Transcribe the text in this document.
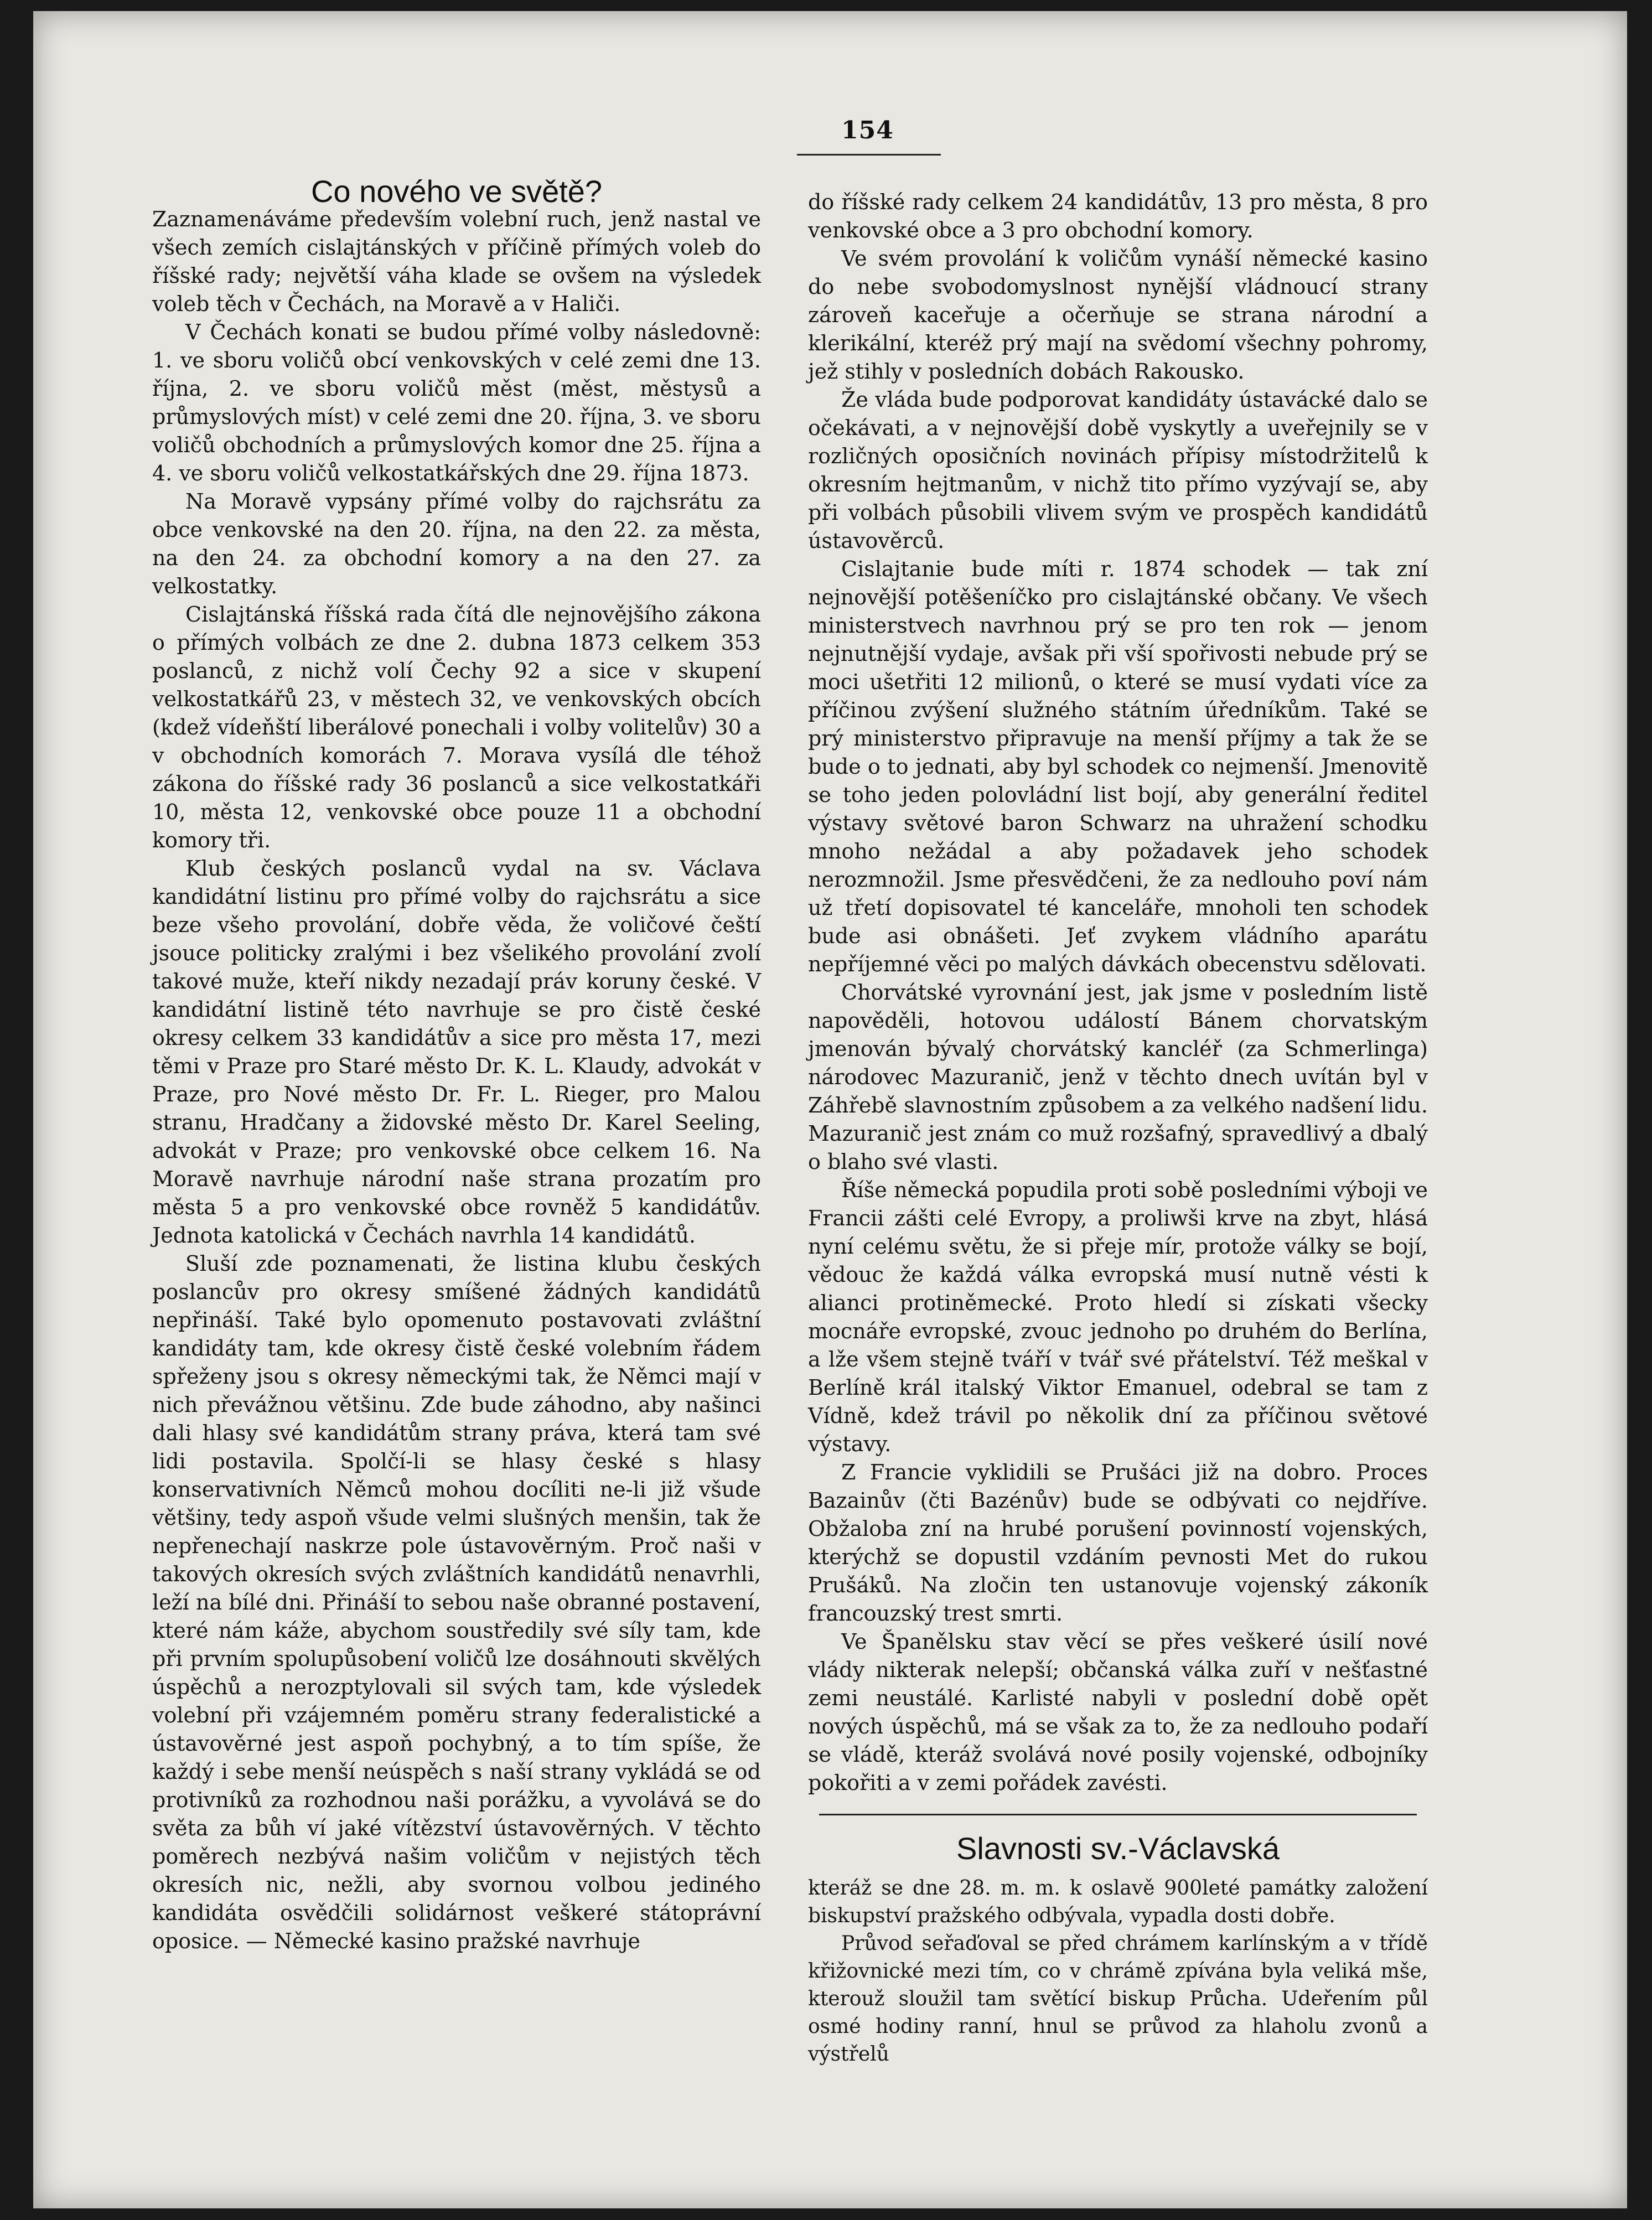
154

Co nového ve světě?

Zaznamenáváme především volební ruch, jenž nastal ve všech zemích cislajtánských v příčině přímých voleb do říšské rady; největší váha klade se ovšem na výsledek voleb těch v Čechách, na Moravě a v Haliči.

V Čechách konati se budou přímé volby následovně: 1. ve sboru voličů obcí venkovských v celé zemi dne 13. října, 2. ve sboru voličů měst (měst, městysů a průmyslových míst) v celé zemi dne 20. října, 3. ve sboru voličů obchodních a průmyslových komor dne 25. října a 4. ve sboru voličů velkostatkářských dne 29. října 1873.

Na Moravě vypsány přímé volby do rajchsrátu za obce venkovské na den 20. října, na den 22. za města, na den 24. za obchodní komory a na den 27. za velkostatky.

Cislajtánská říšská rada čítá dle nejnovějšího zákona o přímých volbách ze dne 2. dubna 1873 celkem 353 poslanců, z nichž volí Čechy 92 a sice v skupení velkostatkářů 23, v městech 32, ve venkovských obcích (kdež vídeňští liberálové ponechali i volby volitelův) 30 a v obchodních komorách 7. Morava vysílá dle téhož zákona do říšské rady 36 poslanců a sice velkostatkáři 10, města 12, venkovské obce pouze 11 a obchodní komory tři.

Klub českých poslanců vydal na sv. Václava kandidátní listinu pro přímé volby do rajchsrátu a sice beze všeho provolání, dobře věda, že voličové čeští jsouce politicky zralými i bez všelikého provolání zvolí takové muže, kteří nikdy nezadají práv koruny české. V kandidátní listině této navrhuje se pro čistě české okresy celkem 33 kandidátův a sice pro města 17, mezi těmi v Praze pro Staré město Dr. K. L. Klaudy, advokát v Praze, pro Nové město Dr. Fr. L. Rieger, pro Malou stranu, Hradčany a židovské město Dr. Karel Seeling, advokát v Praze; pro venkovské obce celkem 16. Na Moravě navrhuje národní naše strana prozatím pro města 5 a pro venkovské obce rovněž 5 kandidátův. Jednota katolická v Čechách navrhla 14 kandidátů.

Sluší zde poznamenati, že listina klubu českých poslancův pro okresy smíšené žádných kandidátů nepřináší. Také bylo opomenuto postavovati zvláštní kandidáty tam, kde okresy čistě české volebním řádem spřeženy jsou s okresy německými tak, že Němci mají v nich převážnou většinu. Zde bude záhodno, aby našinci dali hlasy své kandidátům strany práva, která tam své lidi postavila. Spolčí-li se hlasy české s hlasy konservativních Němců mohou docíliti ne-li již všude většiny, tedy aspoň všude velmi slušných menšin, tak že nepřenechají naskrze pole ústavověrným. Proč naši v takových okresích svých zvláštních kandidátů nenavrhli, leží na bílé dni. Přináší to sebou naše obranné postavení, které nám káže, abychom soustředily své síly tam, kde při prvním spolupůsobení voličů lze dosáhnouti skvělých úspěchů a nerozptylovali sil svých tam, kde výsledek volební při vzájemném poměru strany federalistické a ústavověrné jest aspoň pochybný, a to tím spíše, že každý i sebe menší neúspěch s naší strany vykládá se od protivníků za rozhodnou naši porážku, a vyvolává se do světa za bůh ví jaké vítězství ústavověrných. V těchto poměrech nezbývá našim voličům v nejistých těch okresích nic, nežli, aby svornou volbou jediného kandidáta osvědčili solidárnost veškeré státoprávní oposice. — Německé kasino pražské navrhuje

do říšské rady celkem 24 kandidátův, 13 pro města, 8 pro venkovské obce a 3 pro obchodní komory.

Ve svém provolání k voličům vynáší německé kasino do nebe svobodomyslnost nynější vládnoucí strany zároveň kaceřuje a očerňuje se strana národní a klerikální, kteréž prý mají na svědomí všechny pohromy, jež stihly v posledních dobách Rakousko.

Že vláda bude podporovat kandidáty ústavácké dalo se očekávati, a v nejnovější době vyskytly a uveřejnily se v rozličných oposičních novinách přípisy místodržitelů k okresním hejtmanům, v nichž tito přímo vyzývají se, aby při volbách působili vlivem svým ve prospěch kandidátů ústavověrců.

Cislajtanie bude míti r. 1874 schodek — tak zní nejnovější potěšeníčko pro cislajtánské občany. Ve všech ministerstvech navrhnou prý se pro ten rok — jenom nejnutnější vydaje, avšak při vší spořivosti nebude prý se moci ušetřiti 12 milionů, o které se musí vydati více za příčinou zvýšení služného státním úředníkům. Také se prý ministerstvo připravuje na menší příjmy a tak že se bude o to jednati, aby byl schodek co nejmenší. Jmenovitě se toho jeden polovládní list bojí, aby generální ředitel výstavy světové baron Schwarz na uhražení schodku mnoho nežádal a aby požadavek jeho schodek nerozmnožil. Jsme přesvědčeni, že za nedlouho poví nám už třetí dopisovatel té kanceláře, mnoholi ten schodek bude asi obnášeti. Jeť zvykem vládního aparátu nepříjemné věci po malých dávkách obecenstvu sdělovati.

Chorvátské vyrovnání jest, jak jsme v posledním listě napověděli, hotovou událostí Bánem chorvatským jmenován bývalý chorvátský kancléř (za Schmerlinga) národovec Mazuranič, jenž v těchto dnech uvítán byl v Záhřebě slavnostním způsobem a za velkého nadšení lidu. Mazuranič jest znám co muž rozšafný, spravedlivý a dbalý o blaho své vlasti.

Říše německá popudila proti sobě posledními výboji ve Francii zášti celé Evropy, a proliwši krve na zbyt, hlásá nyní celému světu, že si přeje mír, protože války se bojí, vědouc že každá válka evropská musí nutně vésti k alianci protiněmecké. Proto hledí si získati všecky mocnáře evropské, zvouc jednoho po druhém do Berlína, a lže všem stejně tváří v tvář své přátelství. Též meškal v Berlíně král italský Viktor Emanuel, odebral se tam z Vídně, kdež trávil po několik dní za příčinou světové výstavy.

Z Francie vyklidili se Prušáci již na dobro. Proces Bazainův (čti Bazénův) bude se odbývati co nejdříve. Obžaloba zní na hrubé porušení povinností vojenských, kterýchž se dopustil vzdáním pevnosti Met do rukou Prušáků. Na zločin ten ustanovuje vojenský zákoník francouzský trest smrti.

Ve Španělsku stav věcí se přes veškeré úsilí nové vlády nikterak nelepší; občanská válka zuří v nešťastné zemi neustálé. Karlisté nabyli v poslední době opět nových úspěchů, má se však za to, že za nedlouho podaří se vládě, kteráž svolává nové posily vojenské, odbojníky pokořiti a v zemi pořádek zavésti.

Slavnosti sv.-Václavská

kteráž se dne 28. m. m. k oslavě 900leté památky založení biskupství pražského odbývala, vypadla dosti dobře.

Průvod seřaďoval se před chrámem karlínským a v třídě křižovnické mezi tím, co v chrámě zpívána byla veliká mše, kterouž sloužil tam světící biskup Průcha. Udeřením půl osmé hodiny ranní, hnul se průvod za hlaholu zvonů a výstřelů
